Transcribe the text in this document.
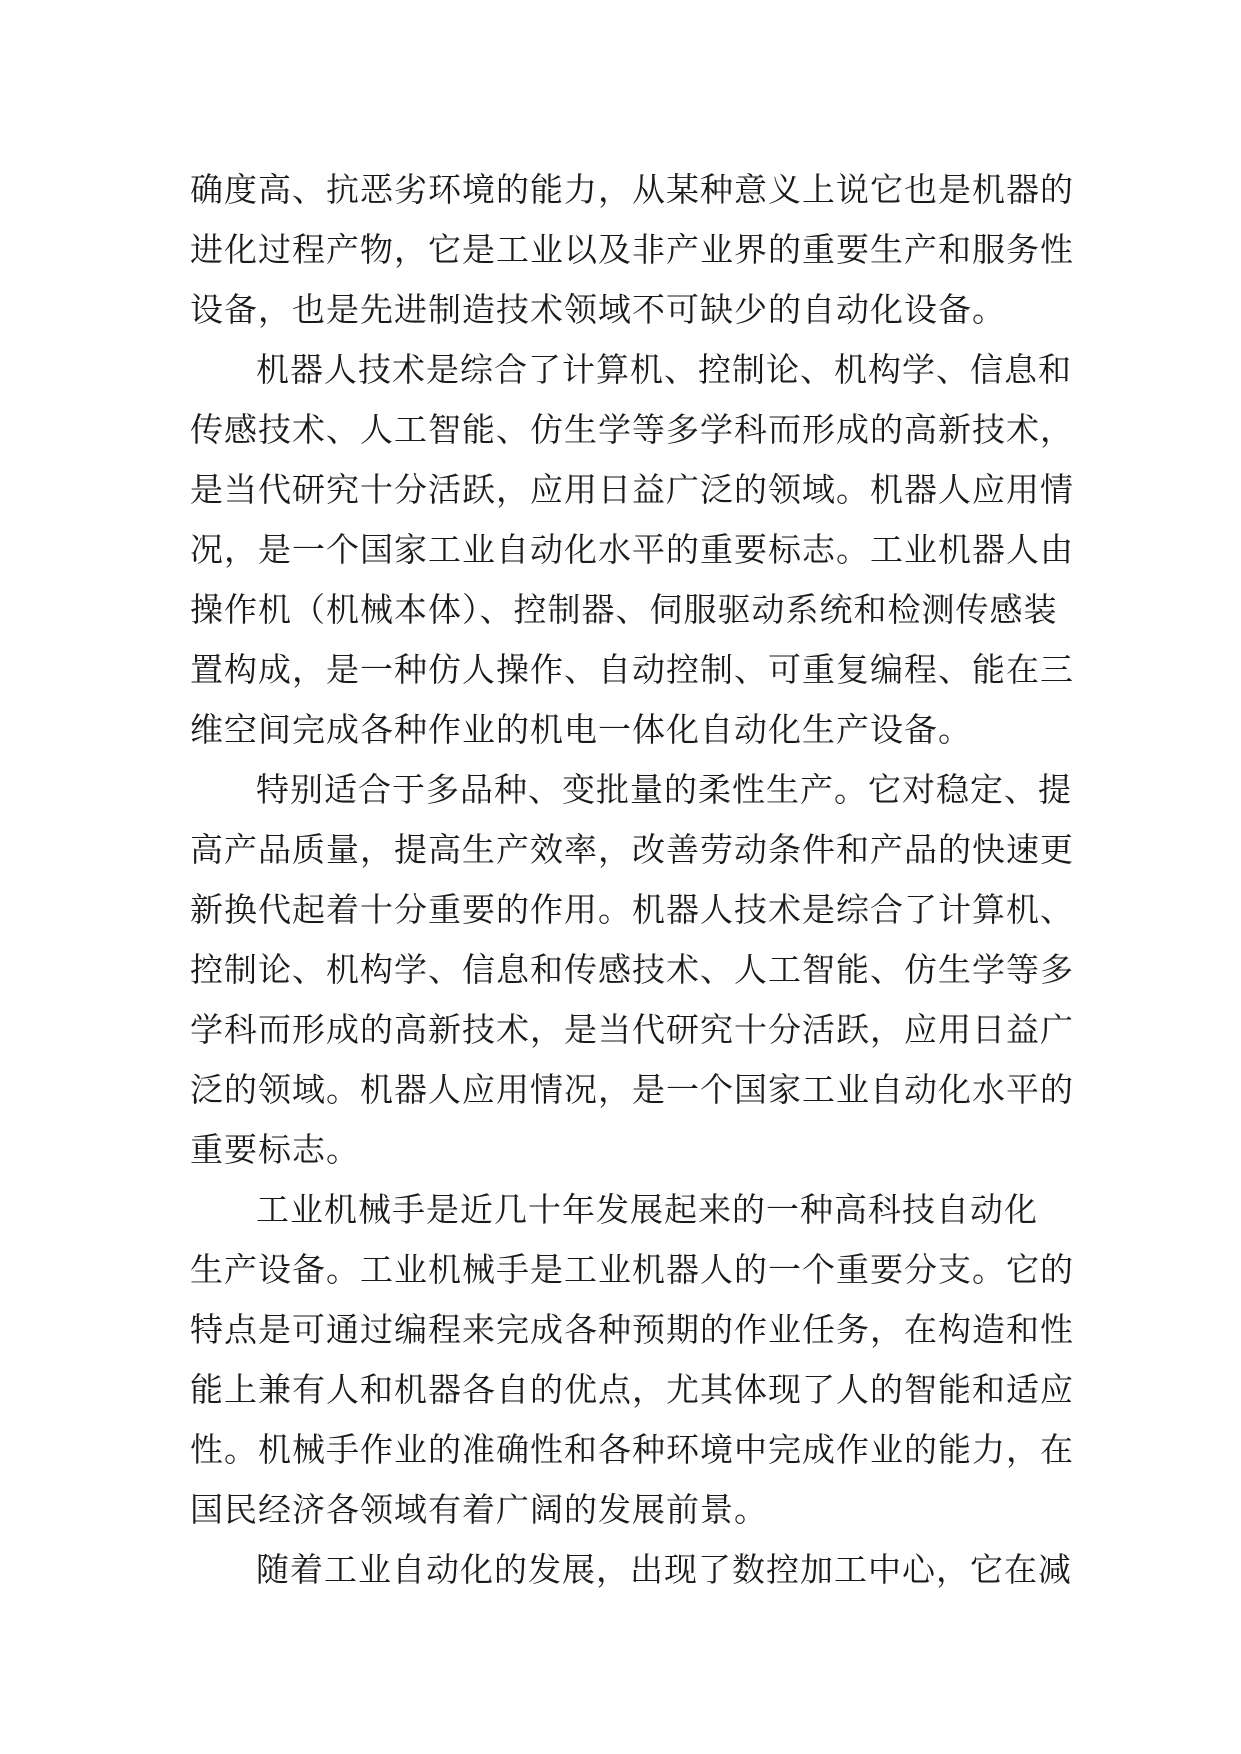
确度高、抗恶劣环境的能力，从某种意义上说它也是机器的
进化过程产物，它是工业以及非产业界的重要生产和服务性
设备，也是先进制造技术领域不可缺少的自动化设备。
机器人技术是综合了计算机、控制论、机构学、信息和
传感技术、人工智能、仿生学等多学科而形成的高新技术，
是当代研究十分活跃，应用日益广泛的领域。机器人应用情
况，是一个国家工业自动化水平的重要标志。工业机器人由
操作机（机械本体）、控制器、伺服驱动系统和检测传感装
置构成，是一种仿人操作、自动控制、可重复编程、能在三
维空间完成各种作业的机电一体化自动化生产设备。
特别适合于多品种、变批量的柔性生产。它对稳定、提
高产品质量，提高生产效率，改善劳动条件和产品的快速更
新换代起着十分重要的作用。机器人技术是综合了计算机、
控制论、机构学、信息和传感技术、人工智能、仿生学等多
学科而形成的高新技术，是当代研究十分活跃，应用日益广
泛的领域。机器人应用情况，是一个国家工业自动化水平的
重要标志。
工业机械手是近几十年发展起来的一种高科技自动化
生产设备。工业机械手是工业机器人的一个重要分支。它的
特点是可通过编程来完成各种预期的作业任务，在构造和性
能上兼有人和机器各自的优点，尤其体现了人的智能和适应
性。机械手作业的准确性和各种环境中完成作业的能力，在
国民经济各领域有着广阔的发展前景。
随着工业自动化的发展，出现了数控加工中心，它在减
